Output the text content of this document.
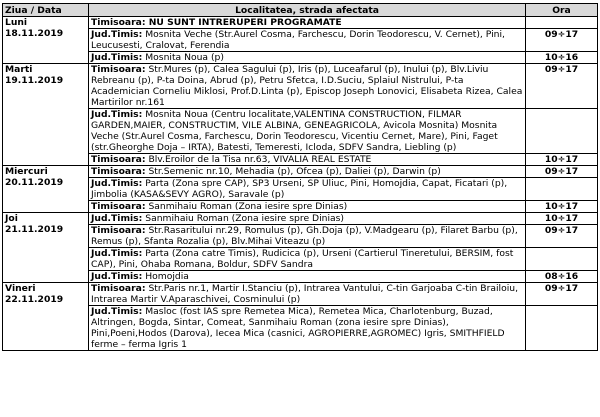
Ziua / Data	Localitatea, strada afectata	Ora

Luni
18.11.2019	Timisoara: NU SUNT INTRERUPERI PROGRAMATE	
	Jud.Timis: Mosnita Veche (Str.Aurel Cosma, Farchescu, Dorin Teodorescu, V. Cernet), Pini, Leucusesti, Cralovat, Ferendia	09÷17
	Jud.Timis: Mosnita Noua (p)	10÷16

Marti
19.11.2019	Timisoara: Str.Mures (p), Calea Sagului (p), Iris (p), Luceafarul (p), Inului (p), Blv.Liviu Rebreanu (p), P-ta Doina, Abrud (p), Petru Sfetca, I.D.Suciu, Splaiul Nistrului, P-ta Academician Corneliu Miklosi, Prof.D.Linta (p), Episcop Joseph Lonovici, Elisabeta Rizea, Calea Martirilor nr.161	09÷17
	Jud.Timis: Mosnita Noua (Centru localitate,VALENTINA CONSTRUCTION, FILMAR GARDEN,MAIER, CONSTRUCTIM, VILE ALBINA, GENEAGRICOLA, Avicola Mosnita) Mosnita Veche (Str.Aurel Cosma, Farchescu, Dorin Teodorescu, Vicentiu Cernet, Mare), Pini, Faget (str.Gheorghe Doja – IRTA), Batesti, Temeresti, Icloda, SDFV Sandra, Liebling (p)	
	Timisoara: Blv.Eroilor de la Tisa nr.63, VIVALIA REAL ESTATE	10÷17

Miercuri
20.11.2019	Timisoara: Str.Semenic nr.10, Mehadia (p), Ofcea (p), Daliei (p), Darwin (p)	09÷17
	Jud.Timis: Parta (Zona spre CAP), SP3 Urseni, SP Uliuc, Pini, Homojdia, Capat, Ficatari (p), Jimbolia (KASA&SEVY AGRO), Saravale (p)	
	Timisoara: Sanmihaiu Roman (Zona iesire spre Dinias)	10÷17

Joi
21.11.2019	Jud.Timis: Sanmihaiu Roman (Zona iesire spre Dinias)	10÷17
	Timisoara: Str.Rasaritului nr.29, Romulus (p), Gh.Doja (p), V.Madgearu (p), Filaret Barbu (p), Remus (p), Sfanta Rozalia (p), Blv.Mihai Viteazu (p)	09÷17
	Jud.Timis: Parta (Zona catre Timis), Rudicica (p), Urseni (Cartierul Tineretului, BERSIM, fost CAP), Pini, Ohaba Romana, Boldur, SDFV Sandra	
	Jud.Timis: Homojdia	08÷16

Vineri
22.11.2019	Timisoara: Str.Paris nr.1, Martir I.Stanciu (p), Intrarea Vantului, C-tin Garjoaba C-tin Brailoiu, Intrarea Martir V.Aparaschivei, Cosminului (p)	09÷17
	Jud.Timis: Masloc (fost IAS spre Remetea Mica), Remetea Mica, Charlotenburg, Buzad, Altringen, Bogda, Sintar, Comeat, Sanmihaiu Roman (zona iesire spre Dinias), Pini,Poeni,Hodos (Darova), Iecea Mica (casnici, AGROPIERRE,AGROMEC) Igris, SMITHFIELD ferme – ferma Igris 1	
